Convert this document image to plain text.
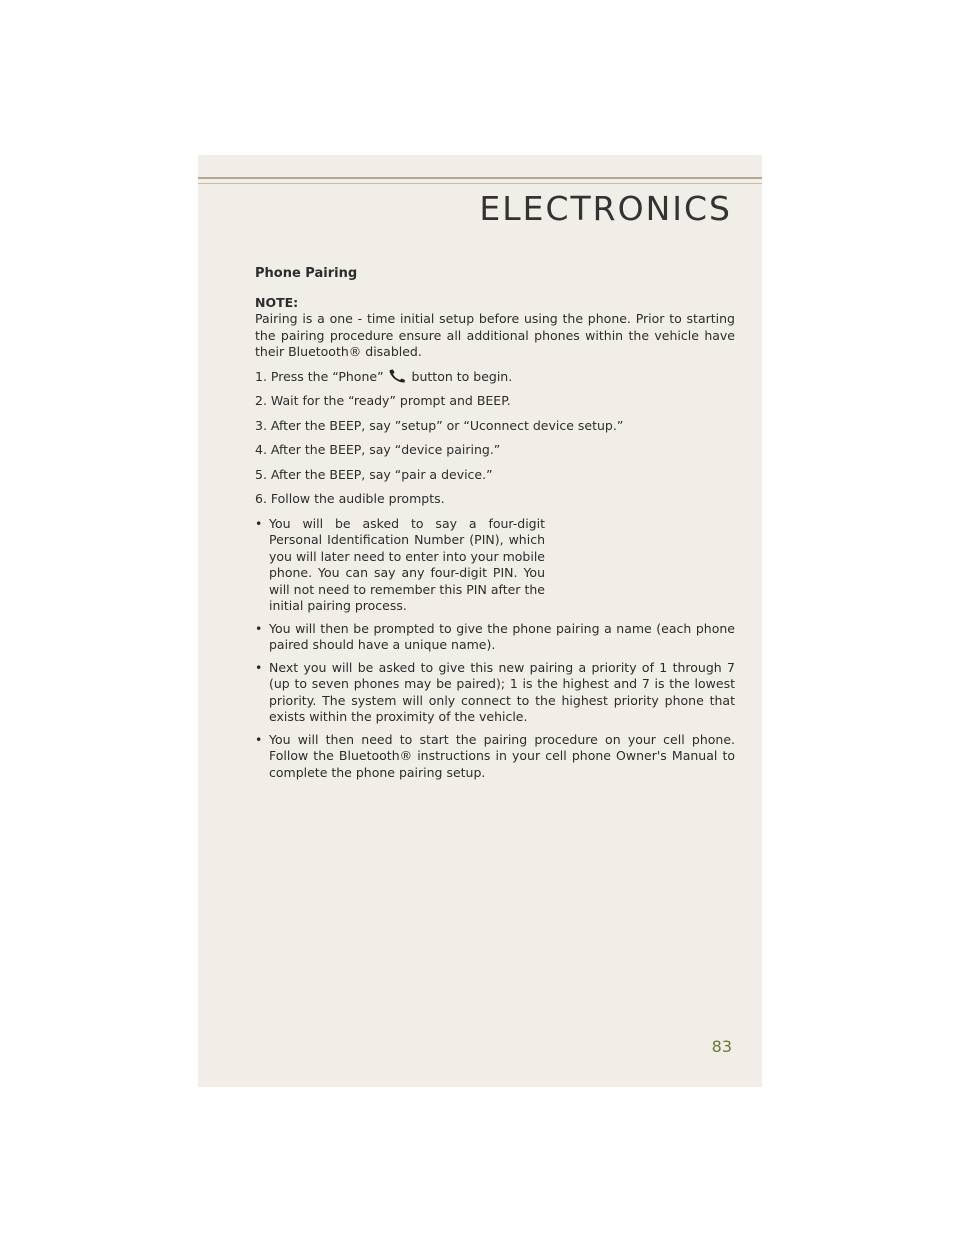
ELECTRONICS

Phone Pairing

NOTE:

Pairing is a one - time initial setup before using the phone. Prior to starting the pairing procedure ensure all additional phones within the vehicle have their Bluetooth® disabled.

1. Press the “Phone” button to begin.
2. Wait for the “ready” prompt and BEEP.
3. After the BEEP, say ”setup” or “Uconnect device setup.”
4. After the BEEP, say “device pairing.”
5. After the BEEP, say “pair a device.”
6. Follow the audible prompts.
• You will be asked to say a four-digit Personal Identification Number (PIN), which you will later need to enter into your mobile phone. You can say any four-digit PIN. You will not need to remember this PIN after the initial pairing process.
• You will then be prompted to give the phone pairing a name (each phone paired should have a unique name).
• Next you will be asked to give this new pairing a priority of 1 through 7 (up to seven phones may be paired); 1 is the highest and 7 is the lowest priority. The system will only connect to the highest priority phone that exists within the proximity of the vehicle.
• You will then need to start the pairing procedure on your cell phone. Follow the Bluetooth® instructions in your cell phone Owner's Manual to complete the phone pairing setup.
83
